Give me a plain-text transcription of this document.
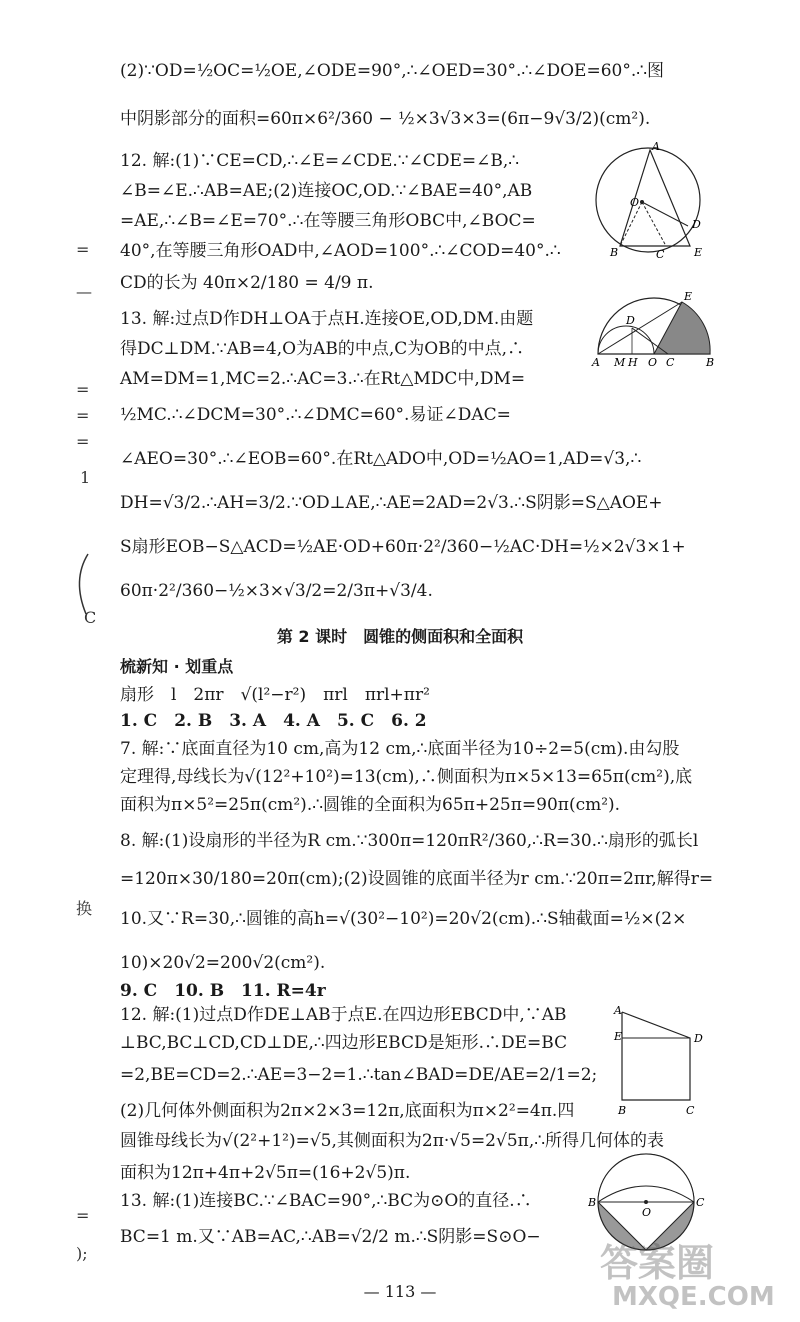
(2)∵OD=½OC=½OE,∠ODE=90°,∴∠OED=30°.∴∠DOE=60°.∴图
中阴影部分的面积=60π×6²/360 − ½×3√3×3=(6π−9√3/2)(cm²).
12. 解:(1)∵CE=CD,∴∠E=∠CDE.∵∠CDE=∠B,∴
∠B=∠E.∴AB=AE;(2)连接OC,OD.∵∠BAE=40°,AB
=AE,∴∠B=∠E=70°.∴在等腰三角形OBC中,∠BOC=
40°,在等腰三角形OAD中,∠AOD=100°.∴∠COD=40°.∴
CD的长为 40π×2/180 = 4/9 π.
13. 解:过点D作DH⊥OA于点H.连接OE,OD,DM.由题
得DC⊥DM.∵AB=4,O为AB的中点,C为OB的中点,∴
AM=DM=1,MC=2.∴AC=3.∴在Rt△MDC中,DM=
½MC.∴∠DCM=30°.∴∠DMC=60°.易证∠DAC=
∠AEO=30°.∴∠EOB=60°.在Rt△ADO中,OD=½AO=1,AD=√3,∴
DH=√3/2.∴AH=3/2.∵OD⊥AE,∴AE=2AD=2√3.∴S阴影=S△AOE+
S扇形EOB−S△ACD=½AE·OD+60π·2²/360−½AC·DH=½×2√3×1+
60π·2²/360−½×3×√3/2=2/3π+√3/4.
第 2 课时　圆锥的侧面积和全面积
梳新知 · 划重点
扇形　l　2πr　√(l²−r²)　πrl　πrl+πr²
1. C　2. B　3. A　4. A　5. C　6. 2
7. 解:∵底面直径为10 cm,高为12 cm,∴底面半径为10÷2=5(cm).由勾股
定理得,母线长为√(12²+10²)=13(cm),∴侧面积为π×5×13=65π(cm²),底
面积为π×5²=25π(cm²).∴圆锥的全面积为65π+25π=90π(cm²).
8. 解:(1)设扇形的半径为R cm.∵300π=120πR²/360,∴R=30.∴扇形的弧长l
=120π×30/180=20π(cm);(2)设圆锥的底面半径为r cm.∵20π=2πr,解得r=
10.又∵R=30,∴圆锥的高h=√(30²−10²)=20√2(cm).∴S轴截面=½×(2×
10)×20√2=200√2(cm²).
9. C　10. B　11. R=4r
12. 解:(1)过点D作DE⊥AB于点E.在四边形EBCD中,∵AB
⊥BC,BC⊥CD,CD⊥DE,∴四边形EBCD是矩形.∴DE=BC
=2,BE=CD=2.∴AE=3−2=1.∴tan∠BAD=DE/AE=2/1=2;
(2)几何体外侧面积为2π×2×3=12π,底面积为π×2²=4π.四
圆锥母线长为√(2²+1²)=√5,其侧面积为2π·√5=2√5π,∴所得几何体的表
面积为12π+4π+2√5π=(16+2√5)π.
13. 解:(1)连接BC.∵∠BAC=90°,∴BC为⊙O的直径.∴
BC=1 m.又∵AB=AC,∴AB=√2/2 m.∴S阴影=S⊙O−
=
—
=
=
=
1
C
换
=
);
A
O
D
B	C	E
E
D
A M H O C	B
A
E	D
B	C
B	C
O
— 113 —
答案圈
MXQE.COM
